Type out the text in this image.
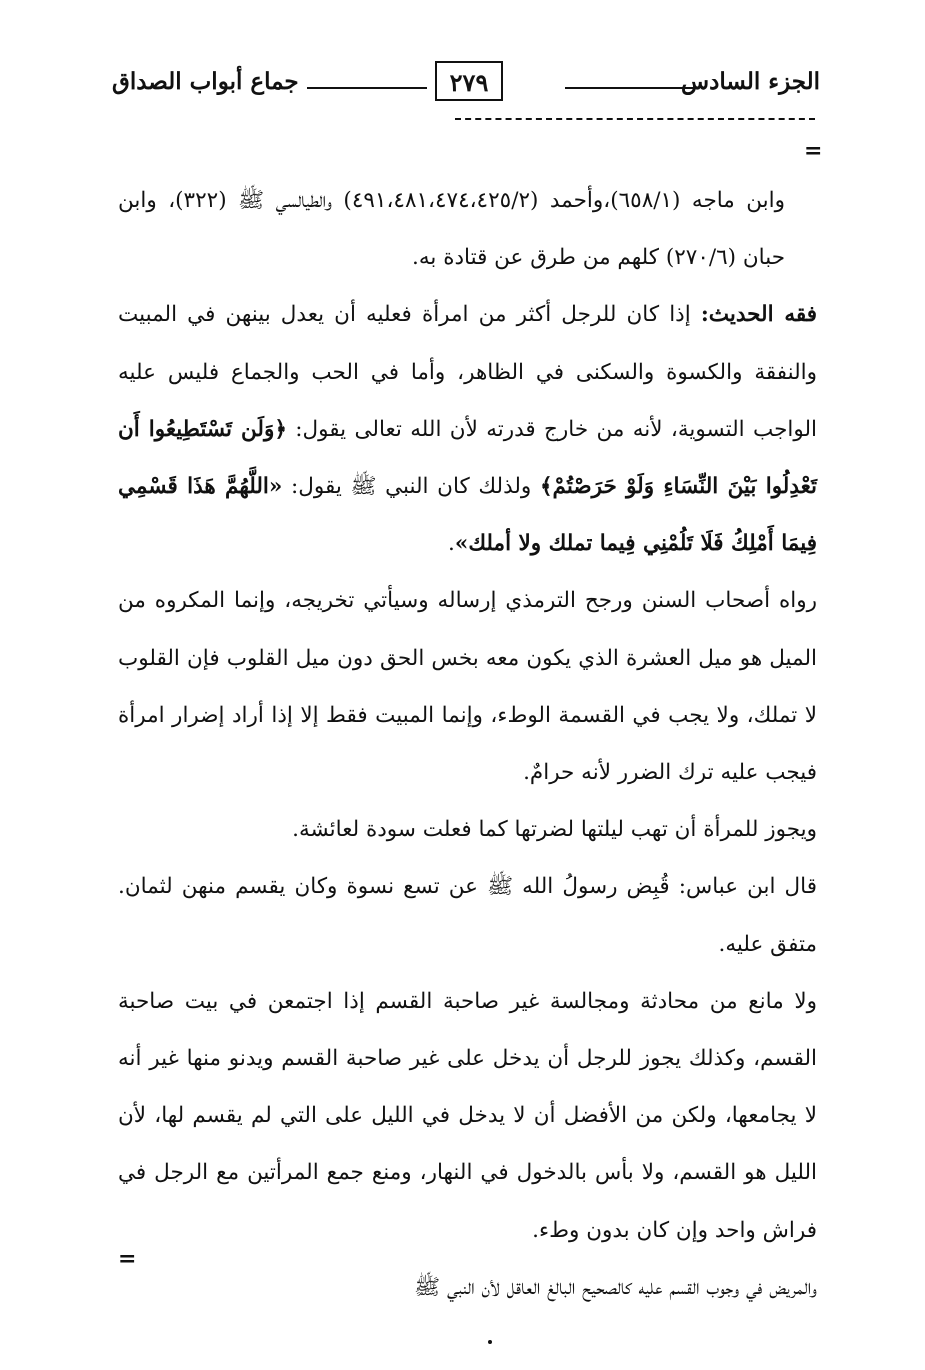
الجزء السادس
٢٧٩
جماع أبواب الصداق
=

وابن ماجه (٦٥٨/١)،وأحمد (٤٩١،٤٨١،٤٧٤،٤٢٥/٢) والطيالسي ﷺ (٣٢٢)، وابن حبان (٢٧٠/٦) كلهم من طرق عن قتادة به.

فقه الحديث: إذا كان للرجل أكثر من امرأة فعليه أن يعدل بينهن في المبيت والنفقة والكسوة والسكنى في الظاهر، وأما في الحب والجماع فليس عليه الواجب التسوية، لأنه من خارج قدرته لأن الله تعالى يقول: ﴿وَلَن تَسْتَطِيعُوا أَن تَعْدِلُوا بَيْنَ النِّسَاءِ وَلَوْ حَرَصْتُمْ﴾ ولذلك كان النبي ﷺ يقول: «اللَّهُمَّ هَذَا قَسْمِي فِيمَا أَمْلِكُ فَلَا تَلُمْنِي فِيما تملك ولا أملك».

رواه أصحاب السنن ورجح الترمذي إرساله وسيأتي تخريجه، وإنما المكروه من الميل هو ميل العشرة الذي يكون معه بخس الحق دون ميل القلوب فإن القلوب لا تملك، ولا يجب في القسمة الوطء، وإنما المبيت فقط إلا إذا أراد إضرار امرأة فيجب عليه ترك الضرر لأنه حرامٌ.

ويجوز للمرأة أن تهب ليلتها لضرتها كما فعلت سودة لعائشة.

قال ابن عباس: قُبِض رسولُ الله ﷺ عن تسع نسوة وكان يقسم منهن لثمان. متفق عليه.

ولا مانع من محادثة ومجالسة غير صاحبة القسم إذا اجتمعن في بيت صاحبة القسم، وكذلك يجوز للرجل أن يدخل على غير صاحبة القسم ويدنو منها غير أنه لا يجامعها، ولكن من الأفضل أن لا يدخل في الليل على التي لم يقسم لها، لأن الليل هو القسم، ولا بأس بالدخول في النهار، ومنع جمع المرأتين مع الرجل في فراش واحد وإن كان بدون وطء.

والمريض في وجوب القسم عليه كالصحيح البالغ العاقل لأن النبي ﷺ

=
